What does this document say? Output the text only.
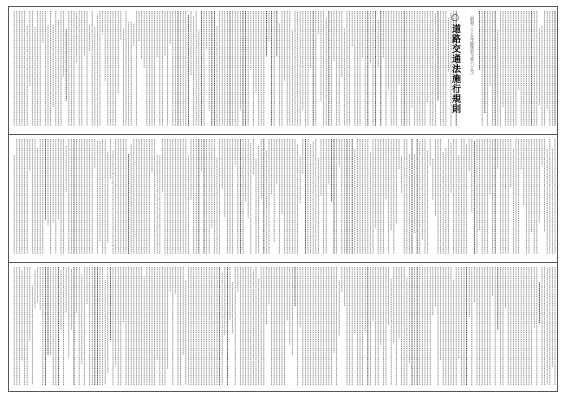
○道路交通法施行規則	（昭和三十五年総理府令第六十号）
